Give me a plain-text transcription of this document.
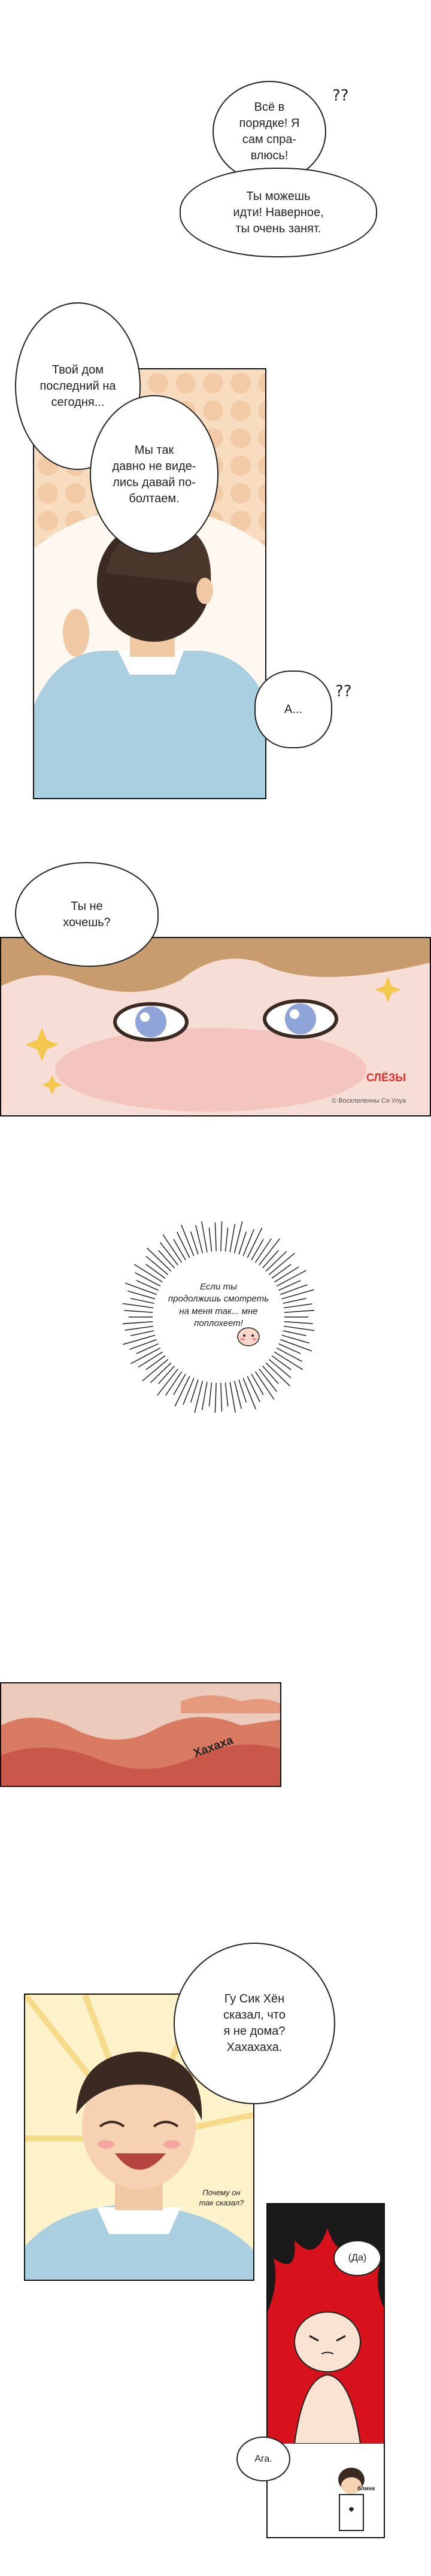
Всё в
порядке! Я
сам спра-
влюсь!
Ты можешь
идти! Наверное,
ты очень занят.
??
Твой дом
последний на
сегодня...
Мы так
давно не виде-
лись давай по-
болтаем.
А...
??
СЛЁЗЫ
© Восклеленны Ся Улуа
Ты не
хочешь?
Если ты
продолжишь смотреть
на меня так... мне
поплохеет!
Хахаха
Гу Сик Хён
сказал, что
я не дома?
Хахахаха.
Почему он
так сказал?
(Да)
блинк
Ага.
